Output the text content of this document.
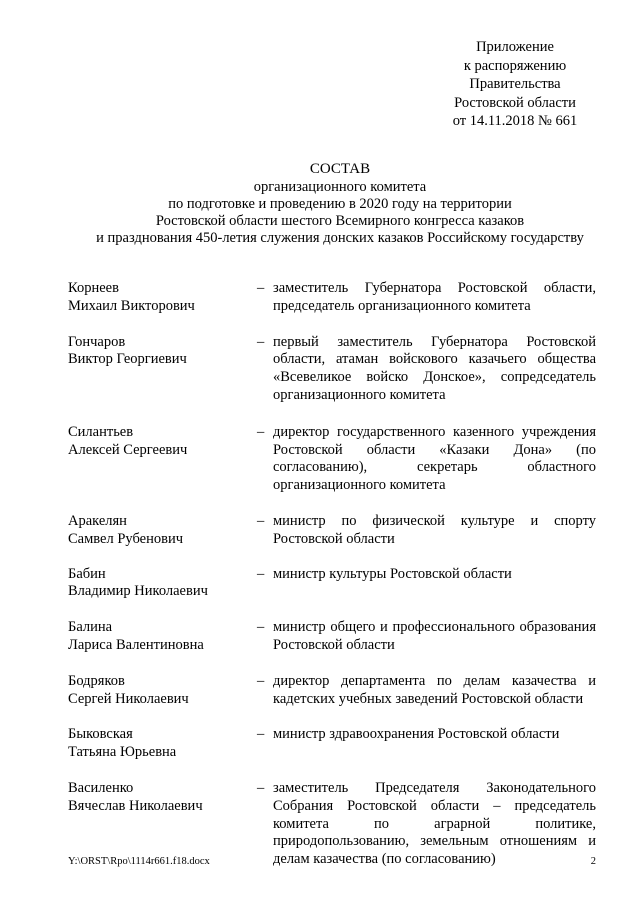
Приложение
к распоряжению
Правительства
Ростовской области
от 14.11.2018 № 661
СОСТАВ
организационного комитета
по подготовке и проведению в 2020 году на территории
Ростовской области шестого Всемирного конгресса казаков
и празднования 450-летия служения донских казаков Российскому государству
Корнеев
Михаил Викторович
– заместитель Губернатора Ростовской области, председатель организационного комитета
Гончаров
Виктор Георгиевич
– первый заместитель Губернатора Ростовской области, атаман войскового казачьего общества «Всевеликое войско Донское», сопредседатель организационного комитета
Силантьев
Алексей Сергеевич
– директор государственного казенного учреждения Ростовской области «Казаки Дона» (по согласованию), секретарь областного организационного комитета
Аракелян
Самвел Рубенович
– министр по физической культуре и спорту Ростовской области
Бабин
Владимир Николаевич
– министр культуры Ростовской области
Балина
Лариса Валентиновна
– министр общего и профессионального образования Ростовской области
Бодряков
Сергей Николаевич
– директор департамента по делам казачества и кадетских учебных заведений Ростовской области
Быковская
Татьяна Юрьевна
– министр здравоохранения Ростовской области
Василенко
Вячеслав Николаевич
– заместитель Председателя Законодательного Собрания Ростовской области – председатель комитета по аграрной политике, природопользованию, земельным отношениям и делам казачества (по согласованию)
Y:\ORST\Rpo\1114r661.f18.docx	2
